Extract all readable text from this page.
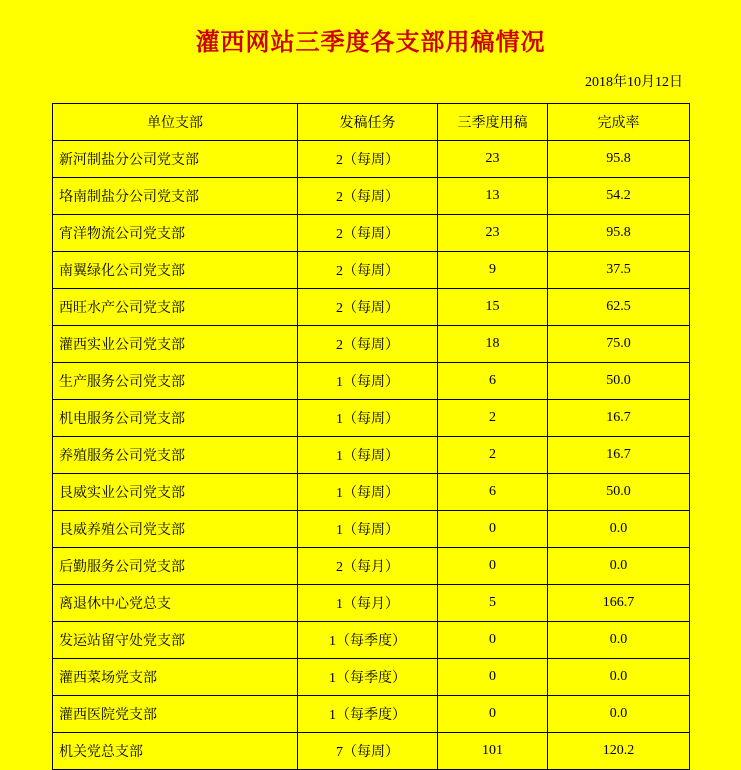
灌西网站三季度各支部用稿情况
2018年10月12日
单位支部	发稿任务	三季度用稿	完成率
新河制盐分公司党支部	2（每周）	23	95.8
垎南制盐分公司党支部	2（每周）	13	54.2
宵洋物流公司党支部	2（每周）	23	95.8
南翼绿化公司党支部	2（每周）	9	37.5
西旺水产公司党支部	2（每周）	15	62.5
灌西实业公司党支部	2（每周）	18	75.0
生产服务公司党支部	1（每周）	6	50.0
机电服务公司党支部	1（每周）	2	16.7
养殖服务公司党支部	1（每周）	2	16.7
艮威实业公司党支部	1（每周）	6	50.0
艮威养殖公司党支部	1（每周）	0	0.0
后勤服务公司党支部	2（每月）	0	0.0
离退休中心党总支	1（每月）	5	166.7
发运站留守处党支部	1（每季度）	0	0.0
灌西菜场党支部	1（每季度）	0	0.0
灌西医院党支部	1（每季度）	0	0.0
机关党总支部	7（每周）	101	120.2
